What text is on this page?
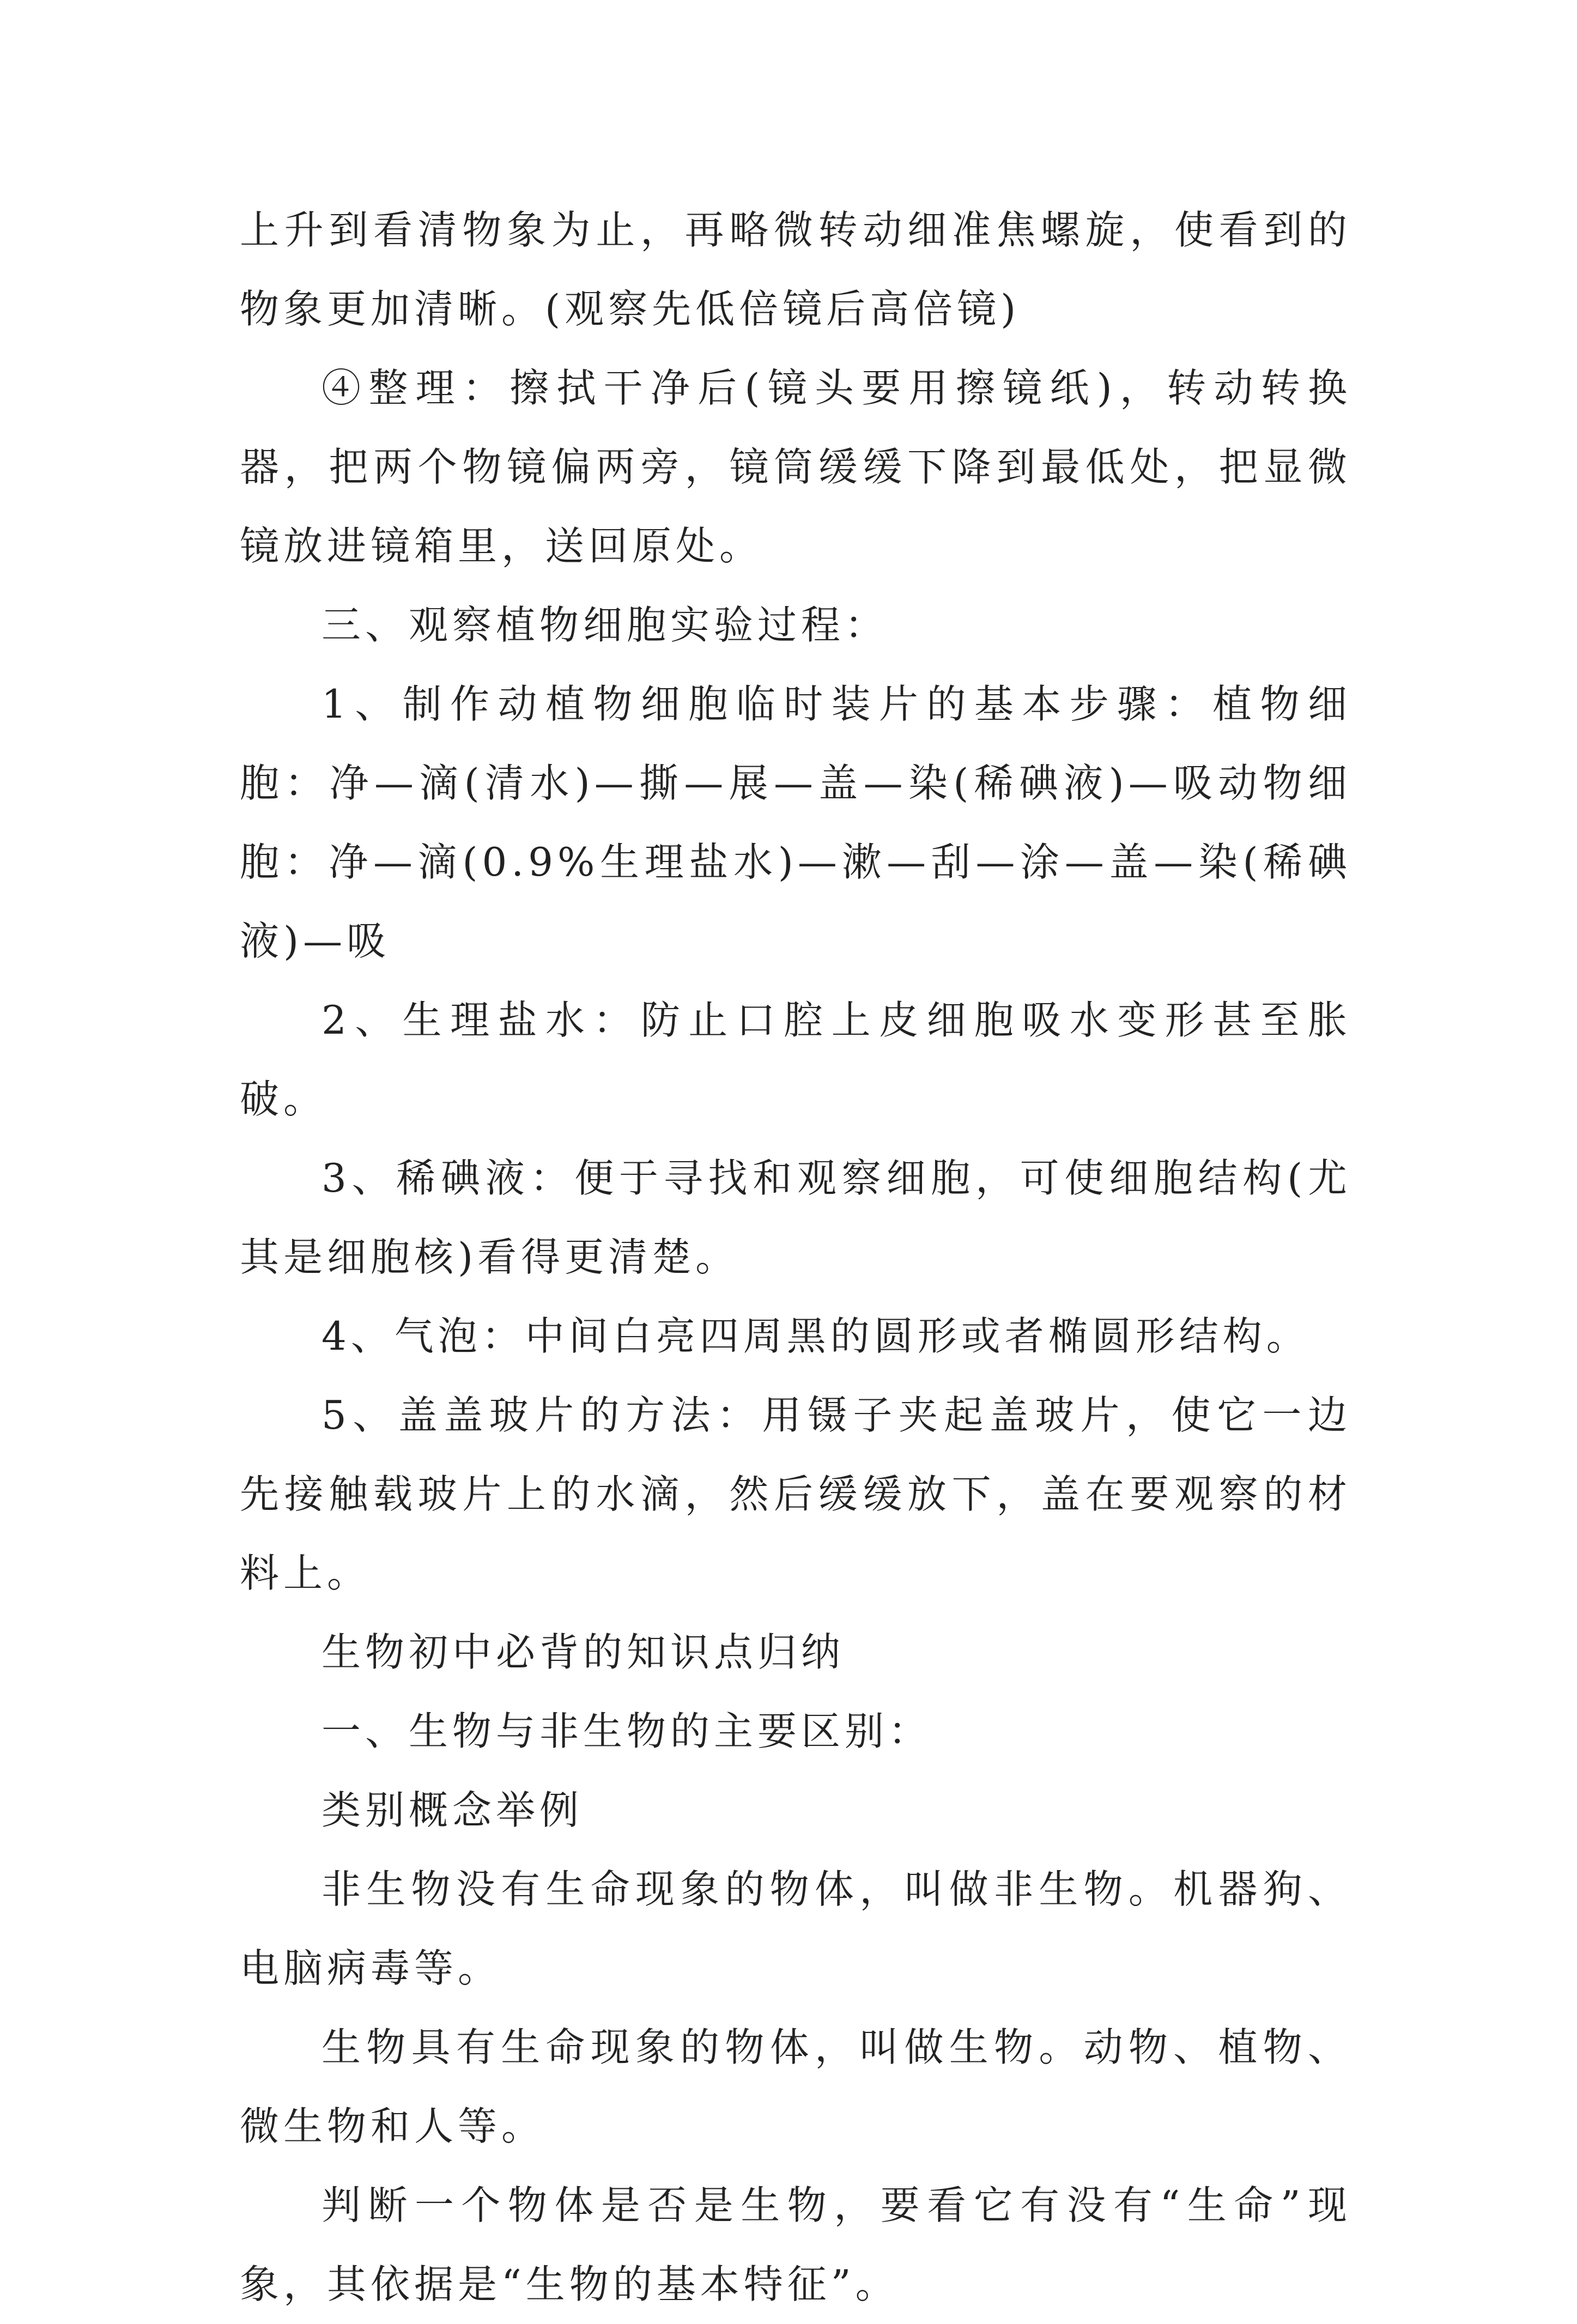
上升到看清物象为止，再略微转动细准焦螺旋，使看到的物象更加清晰。(观察先低倍镜后高倍镜)

④整理：擦拭干净后(镜头要用擦镜纸)，转动转换器，把两个物镜偏两旁，镜筒缓缓下降到最低处，把显微镜放进镜箱里，送回原处。

三、观察植物细胞实验过程：

1、制作动植物细胞临时装片的基本步骤：植物细胞：净—滴(清水)—撕—展—盖—染(稀碘液)—吸动物细胞：净—滴(0.9%生理盐水)—漱—刮—涂—盖—染(稀碘液)—吸

2、生理盐水：防止口腔上皮细胞吸水变形甚至胀破。

3、稀碘液：便于寻找和观察细胞，可使细胞结构(尤其是细胞核)看得更清楚。

4、气泡：中间白亮四周黑的圆形或者椭圆形结构。

5、盖盖玻片的方法：用镊子夹起盖玻片，使它一边先接触载玻片上的水滴，然后缓缓放下，盖在要观察的材料上。

生物初中必背的知识点归纳

一、生物与非生物的主要区别：

类别概念举例

非生物没有生命现象的物体，叫做非生物。机器狗、电脑病毒等。

生物具有生命现象的物体，叫做生物。动物、植物、微生物和人等。

判断一个物体是否是生物，要看它有没有“生命”现象，其依据是“生物的基本特征”。
